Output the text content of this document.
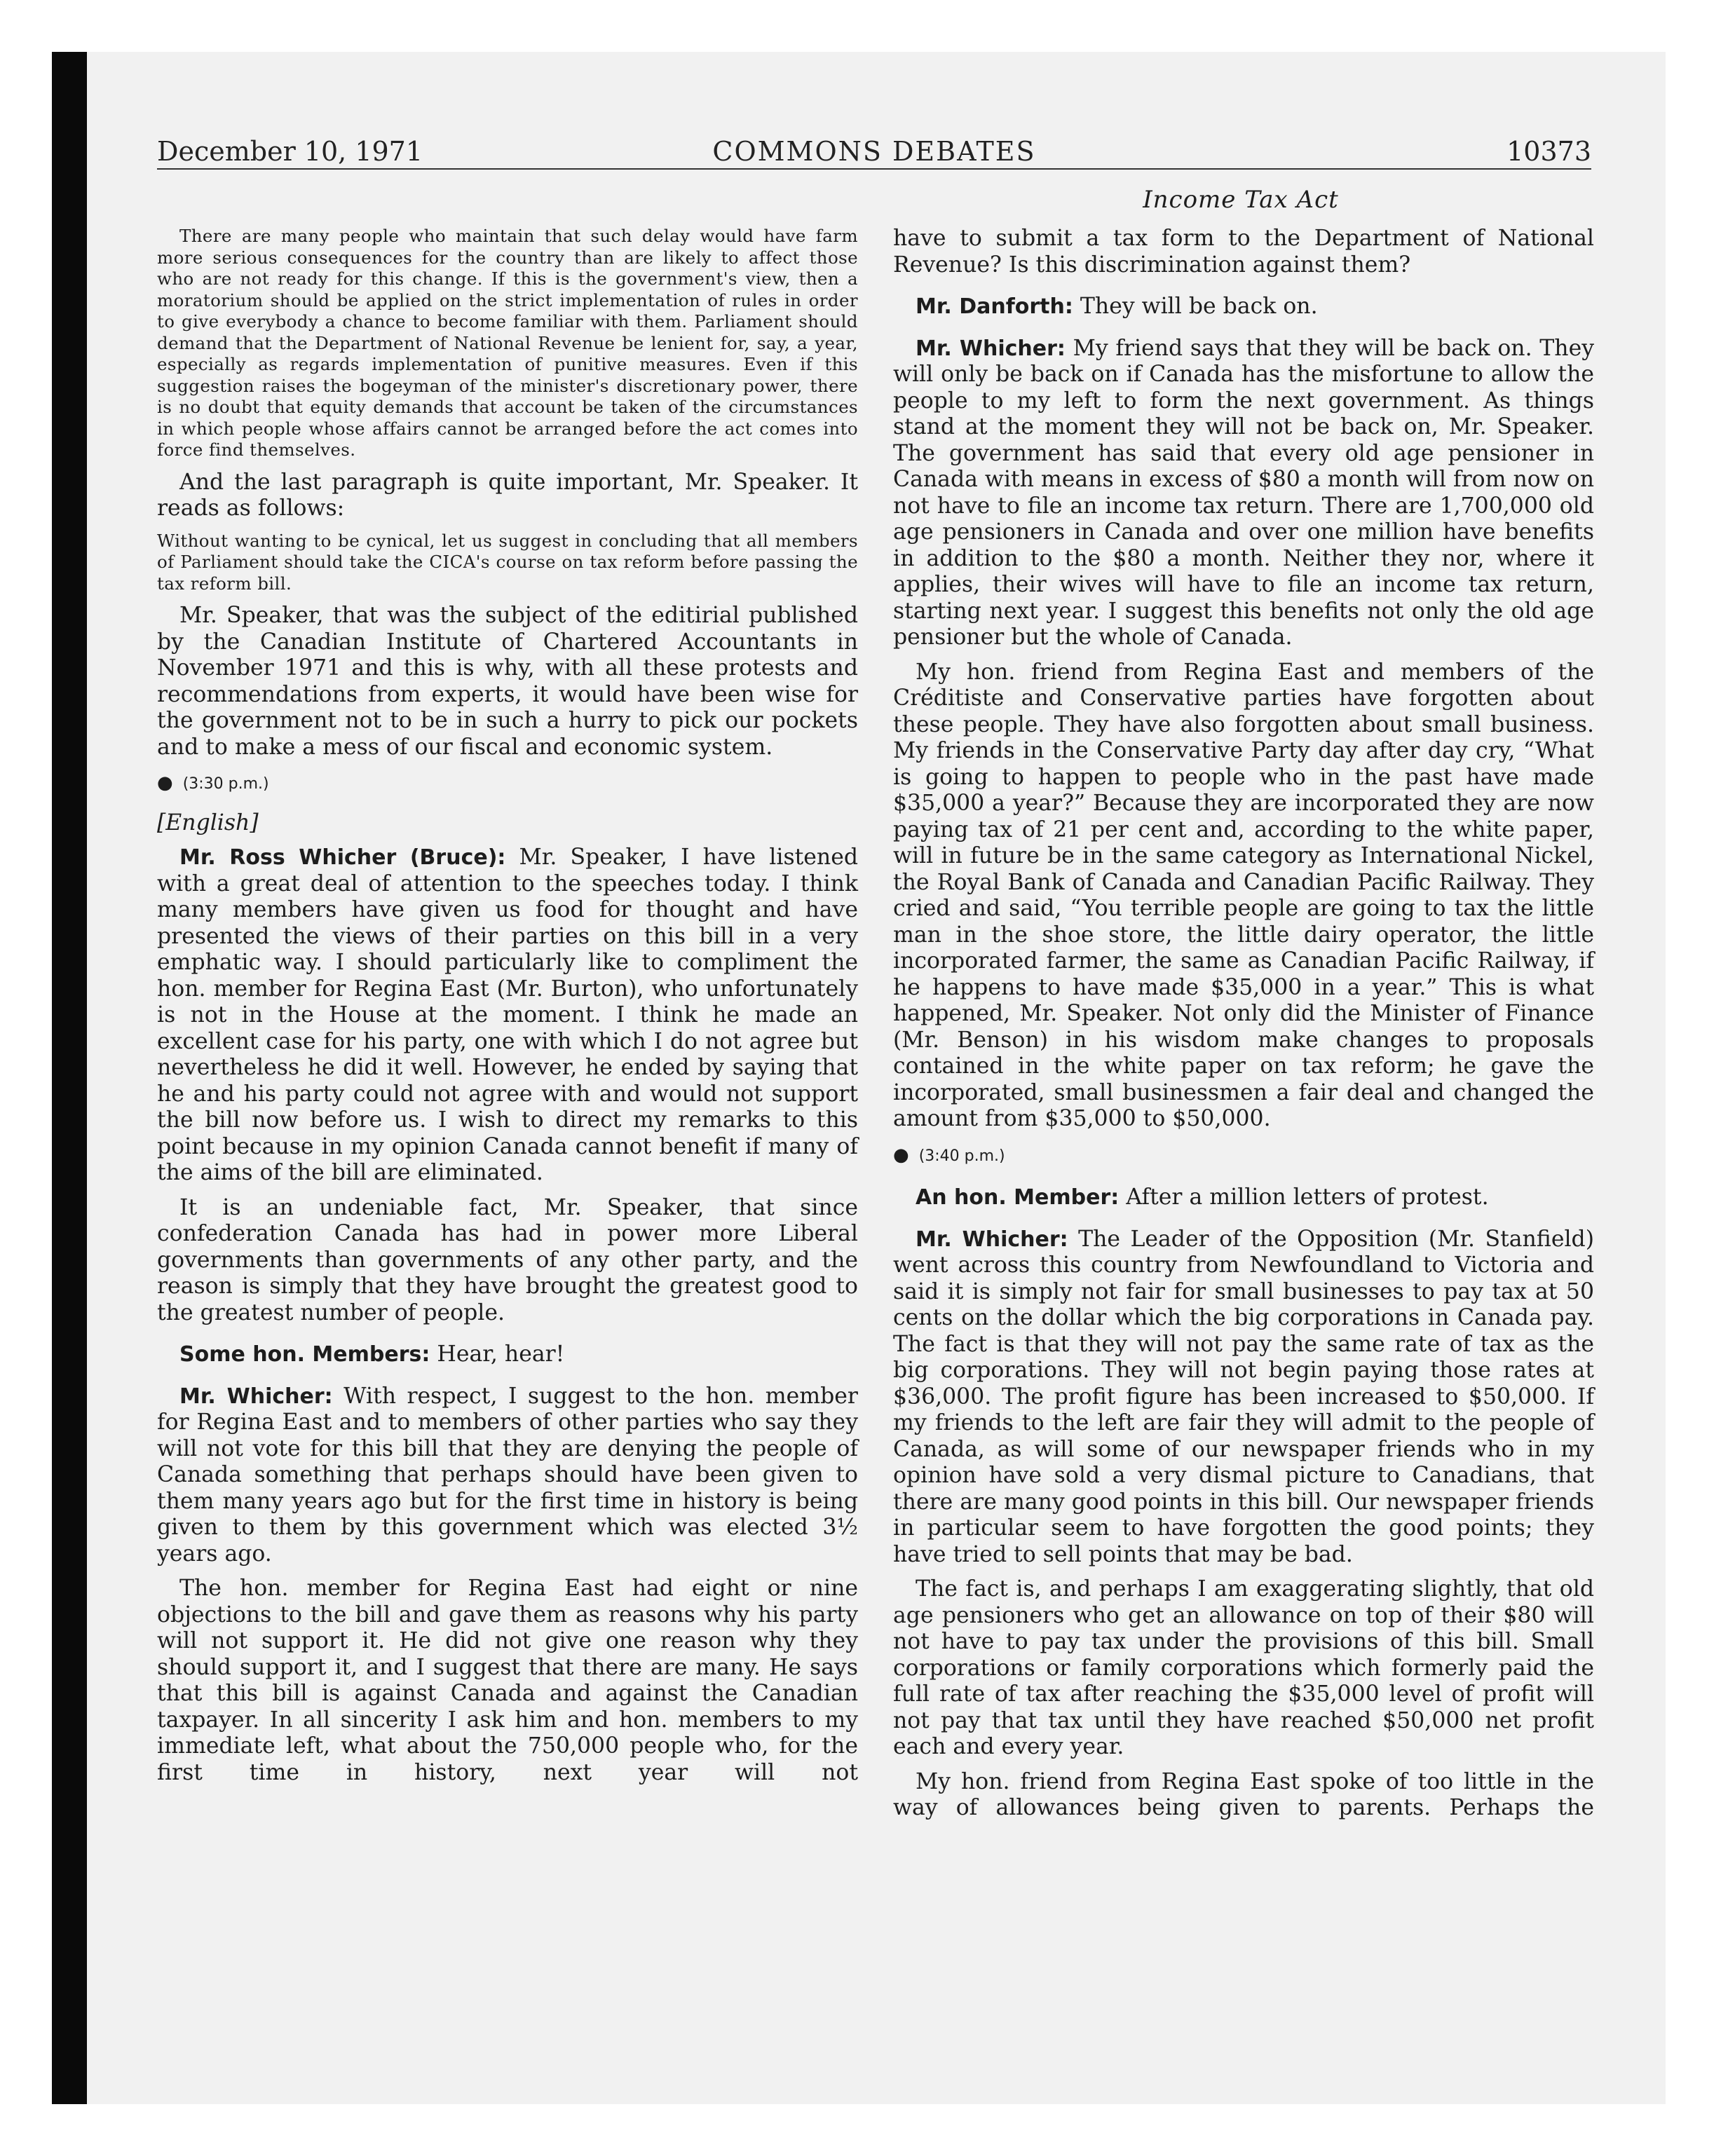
December 10, 1971	COMMONS DEBATES	10373
Income Tax Act

There are many people who maintain that such delay would have farm more serious consequences for the country than are likely to affect those who are not ready for this change. If this is the government's view, then a moratorium should be applied on the strict implementation of rules in order to give everybody a chance to become familiar with them. Parliament should demand that the Department of National Revenue be lenient for, say, a year, especially as regards implementation of punitive measures. Even if this suggestion raises the bogeyman of the minister's discretionary power, there is no doubt that equity demands that account be taken of the circumstances in which people whose affairs cannot be arranged before the act comes into force find themselves.

And the last paragraph is quite important, Mr. Speaker. It reads as follows:

Without wanting to be cynical, let us suggest in concluding that all members of Parliament should take the CICA's course on tax reform before passing the tax reform bill.

Mr. Speaker, that was the subject of the editirial published by the Canadian Institute of Chartered Accountants in November 1971 and this is why, with all these protests and recommendations from experts, it would have been wise for the government not to be in such a hurry to pick our pockets and to make a mess of our fiscal and economic system.

● (3:30 p.m.)

[English]

Mr. Ross Whicher (Bruce): Mr. Speaker, I have listened with a great deal of attention to the speeches today. I think many members have given us food for thought and have presented the views of their parties on this bill in a very emphatic way. I should particularly like to compliment the hon. member for Regina East (Mr. Burton), who unfortunately is not in the House at the moment. I think he made an excellent case for his party, one with which I do not agree but nevertheless he did it well. However, he ended by saying that he and his party could not agree with and would not support the bill now before us. I wish to direct my remarks to this point because in my opinion Canada cannot benefit if many of the aims of the bill are eliminated.

It is an undeniable fact, Mr. Speaker, that since confederation Canada has had in power more Liberal governments than governments of any other party, and the reason is simply that they have brought the greatest good to the greatest number of people.

Some hon. Members: Hear, hear!

Mr. Whicher: With respect, I suggest to the hon. member for Regina East and to members of other parties who say they will not vote for this bill that they are denying the people of Canada something that perhaps should have been given to them many years ago but for the first time in history is being given to them by this government which was elected 3½ years ago.

The hon. member for Regina East had eight or nine objections to the bill and gave them as reasons why his party will not support it. He did not give one reason why they should support it, and I suggest that there are many. He says that this bill is against Canada and against the Canadian taxpayer. In all sincerity I ask him and hon. members to my immediate left, what about the 750,000 people who, for the first time in history, next year will not

have to submit a tax form to the Department of National Revenue? Is this discrimination against them?

Mr. Danforth: They will be back on.

Mr. Whicher: My friend says that they will be back on. They will only be back on if Canada has the misfortune to allow the people to my left to form the next government. As things stand at the moment they will not be back on, Mr. Speaker. The government has said that every old age pensioner in Canada with means in excess of $80 a month will from now on not have to file an income tax return. There are 1,700,000 old age pensioners in Canada and over one million have benefits in addition to the $80 a month. Neither they nor, where it applies, their wives will have to file an income tax return, starting next year. I suggest this benefits not only the old age pensioner but the whole of Canada.

My hon. friend from Regina East and members of the Créditiste and Conservative parties have forgotten about these people. They have also forgotten about small business. My friends in the Conservative Party day after day cry, “What is going to happen to people who in the past have made $35,000 a year?” Because they are incorporated they are now paying tax of 21 per cent and, according to the white paper, will in future be in the same category as International Nickel, the Royal Bank of Canada and Canadian Pacific Railway. They cried and said, “You terrible people are going to tax the little man in the shoe store, the little dairy operator, the little incorporated farmer, the same as Canadian Pacific Railway, if he happens to have made $35,000 in a year.” This is what happened, Mr. Speaker. Not only did the Minister of Finance (Mr. Benson) in his wisdom make changes to proposals contained in the white paper on tax reform; he gave the incorporated, small businessmen a fair deal and changed the amount from $35,000 to $50,000.

● (3:40 p.m.)

An hon. Member: After a million letters of protest.

Mr. Whicher: The Leader of the Opposition (Mr. Stanfield) went across this country from Newfoundland to Victoria and said it is simply not fair for small businesses to pay tax at 50 cents on the dollar which the big corporations in Canada pay. The fact is that they will not pay the same rate of tax as the big corporations. They will not begin paying those rates at $36,000. The profit figure has been increased to $50,000. If my friends to the left are fair they will admit to the people of Canada, as will some of our newspaper friends who in my opinion have sold a very dismal picture to Canadians, that there are many good points in this bill. Our newspaper friends in particular seem to have forgotten the good points; they have tried to sell points that may be bad.

The fact is, and perhaps I am exaggerating slightly, that old age pensioners who get an allowance on top of their $80 will not have to pay tax under the provisions of this bill. Small corporations or family corporations which formerly paid the full rate of tax after reaching the $35,000 level of profit will not pay that tax until they have reached $50,000 net profit each and every year.

My hon. friend from Regina East spoke of too little in the way of allowances being given to parents. Perhaps the
